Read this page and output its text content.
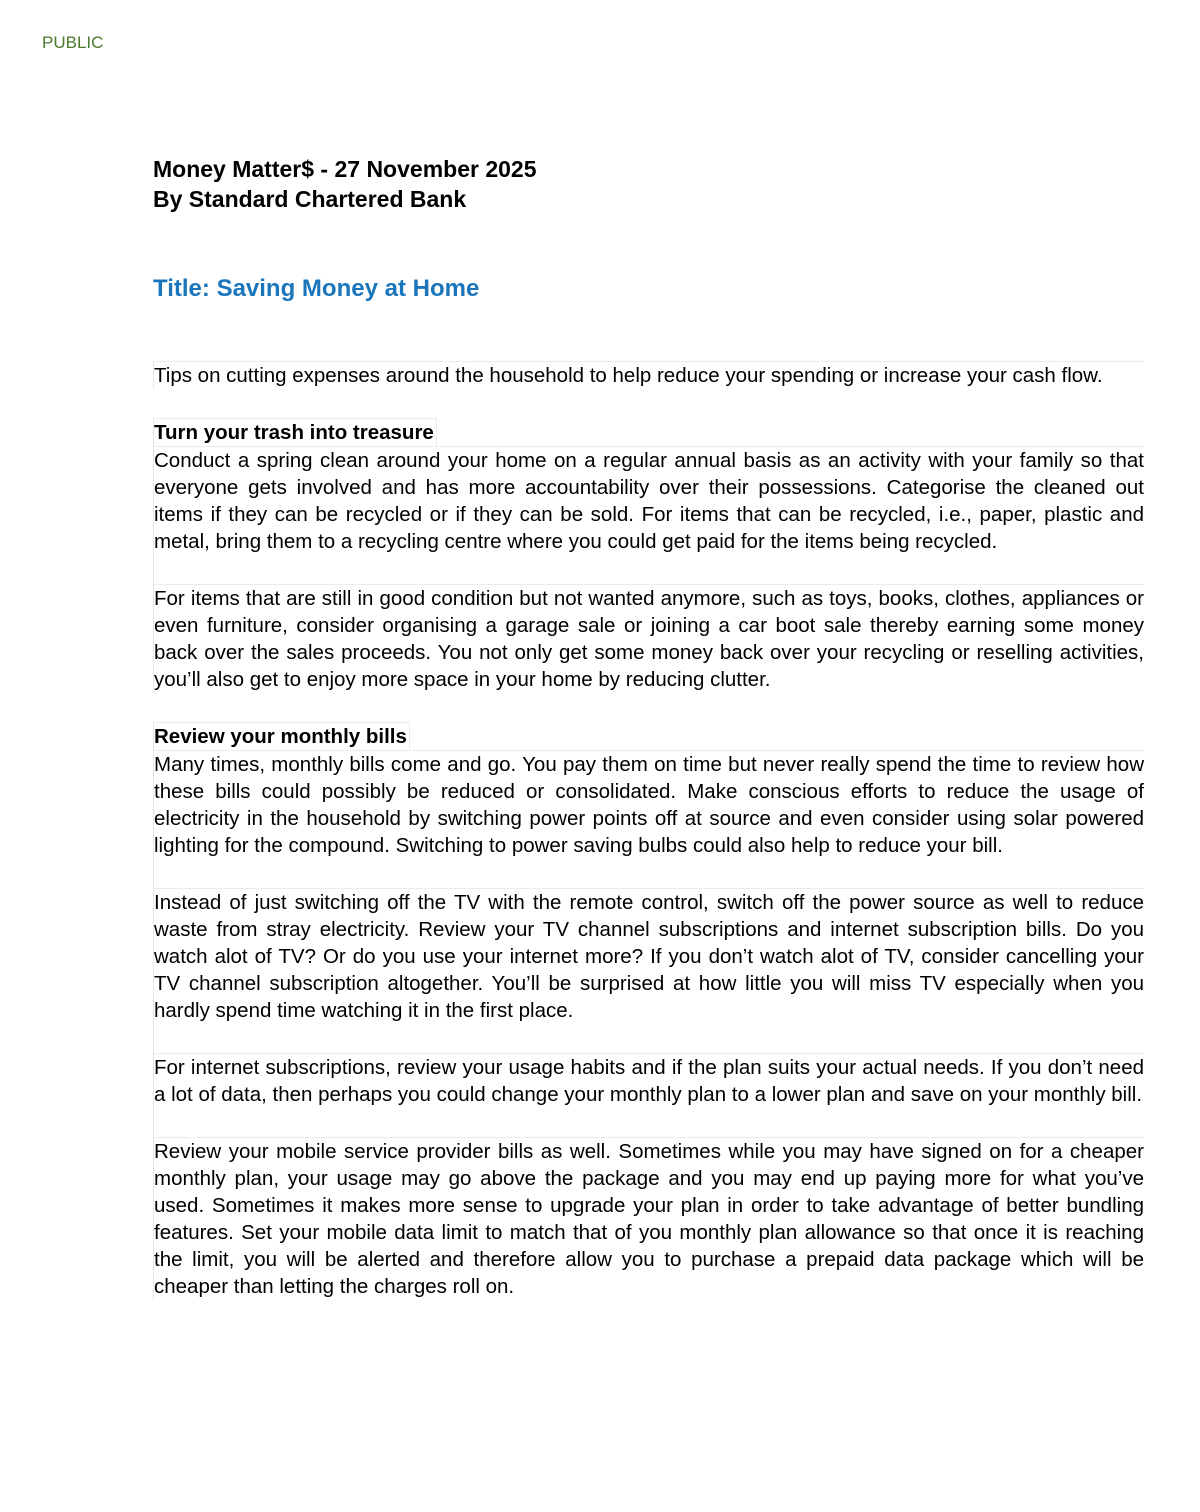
PUBLIC

Money Matter$ - 27 November 2025

By Standard Chartered Bank

Title: Saving Money at Home

Tips on cutting expenses around the household to help reduce your spending or increase your cash flow.

Turn your trash into treasure

Conduct a spring clean around your home on a regular annual basis as an activity with your family so that everyone gets involved and has more accountability over their possessions. Categorise the cleaned out items if they can be recycled or if they can be sold. For items that can be recycled, i.e., paper, plastic and metal, bring them to a recycling centre where you could get paid for the items being recycled.

For items that are still in good condition but not wanted anymore, such as toys, books, clothes, appliances or even furniture, consider organising a garage sale or joining a car boot sale thereby earning some money back over the sales proceeds. You not only get some money back over your recycling or reselling activities, you’ll also get to enjoy more space in your home by reducing clutter.

Review your monthly bills

Many times, monthly bills come and go. You pay them on time but never really spend the time to review how these bills could possibly be reduced or consolidated. Make conscious efforts to reduce the usage of electricity in the household by switching power points off at source and even consider using solar powered lighting for the compound. Switching to power saving bulbs could also help to reduce your bill.

Instead of just switching off the TV with the remote control, switch off the power source as well to reduce waste from stray electricity. Review your TV channel subscriptions and internet subscription bills. Do you watch alot of TV? Or do you use your internet more? If you don’t watch alot of TV, consider cancelling your TV channel subscription altogether. You’ll be surprised at how little you will miss TV especially when you hardly spend time watching it in the first place.

For internet subscriptions, review your usage habits and if the plan suits your actual needs. If you don’t need a lot of data, then perhaps you could change your monthly plan to a lower plan and save on your monthly bill.

Review your mobile service provider bills as well. Sometimes while you may have signed on for a cheaper monthly plan, your usage may go above the package and you may end up paying more for what you’ve used. Sometimes it makes more sense to upgrade your plan in order to take advantage of better bundling features. Set your mobile data limit to match that of you monthly plan allowance so that once it is reaching the limit, you will be alerted and therefore allow you to purchase a prepaid data package which will be cheaper than letting the charges roll on.
